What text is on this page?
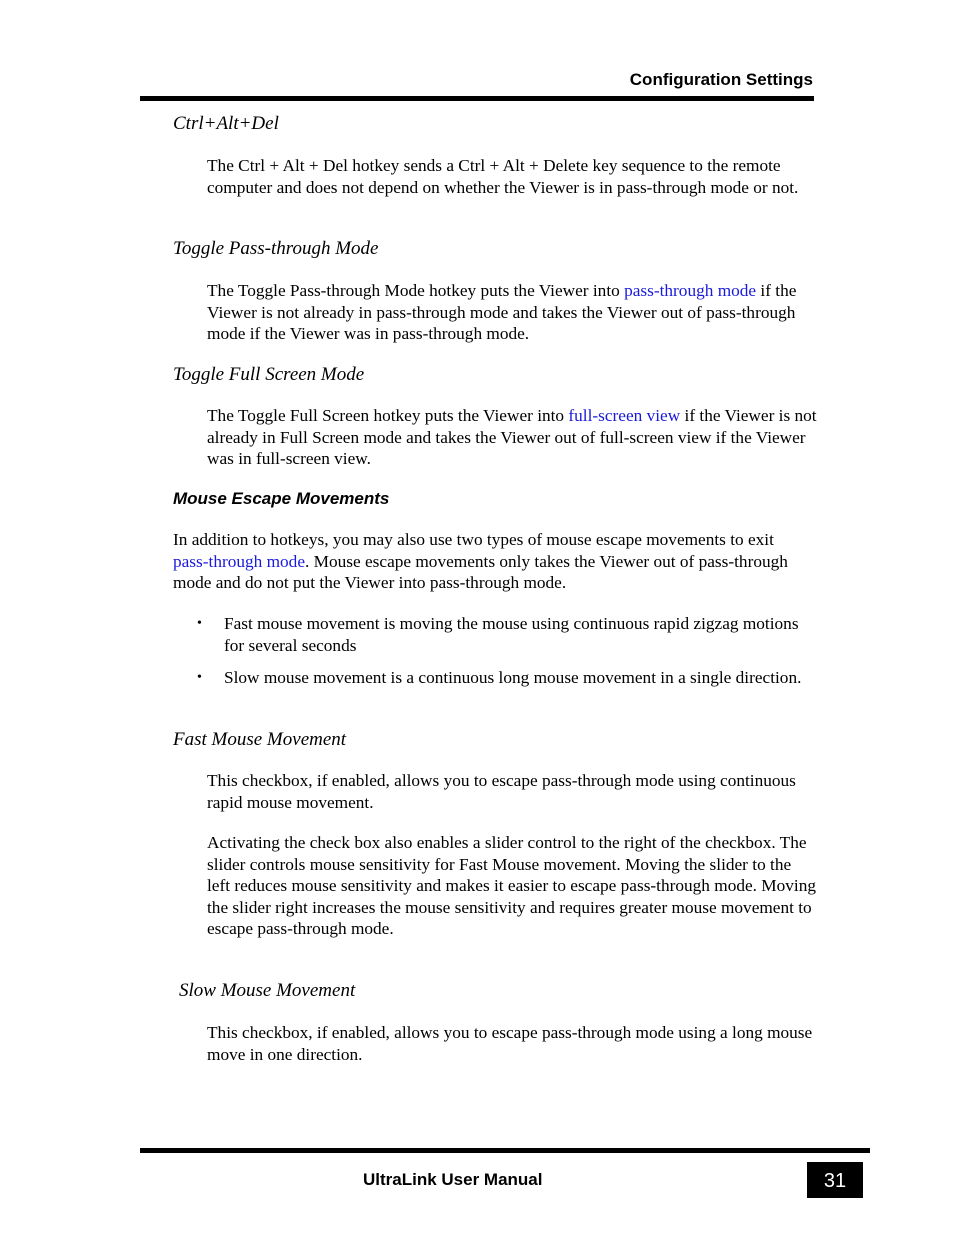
Configuration Settings
Ctrl+Alt+Del
The Ctrl + Alt + Del hotkey sends a Ctrl + Alt + Delete key sequence to the remote computer and does not depend on whether the Viewer is in pass-through mode or not.
Toggle Pass-through Mode
The Toggle Pass-through Mode hotkey puts the Viewer into pass-through mode if the Viewer is not already in pass-through mode and takes the Viewer out of pass-through mode if the Viewer was in pass-through mode.
Toggle Full Screen Mode
The Toggle Full Screen hotkey puts the Viewer into full-screen view if the Viewer is not already in Full Screen mode and takes the Viewer out of full-screen view if the Viewer was in full-screen view.
Mouse Escape Movements
In addition to hotkeys, you may also use two types of mouse escape movements to exit pass-through mode. Mouse escape movements only takes the Viewer out of pass-through mode and do not put the Viewer into pass-through mode.
• Fast mouse movement is moving the mouse using continuous rapid zigzag motions for several seconds
• Slow mouse movement is a continuous long mouse movement in a single direction.
Fast Mouse Movement
This checkbox, if enabled, allows you to escape pass-through mode using continuous rapid mouse movement.
Activating the check box also enables a slider control to the right of the checkbox. The slider controls mouse sensitivity for Fast Mouse movement. Moving the slider to the left reduces mouse sensitivity and makes it easier to escape pass-through mode. Moving the slider right increases the mouse sensitivity and requires greater mouse movement to escape pass-through mode.
Slow Mouse Movement
This checkbox, if enabled, allows you to escape pass-through mode using a long mouse move in one direction.
UltraLink User Manual	31
